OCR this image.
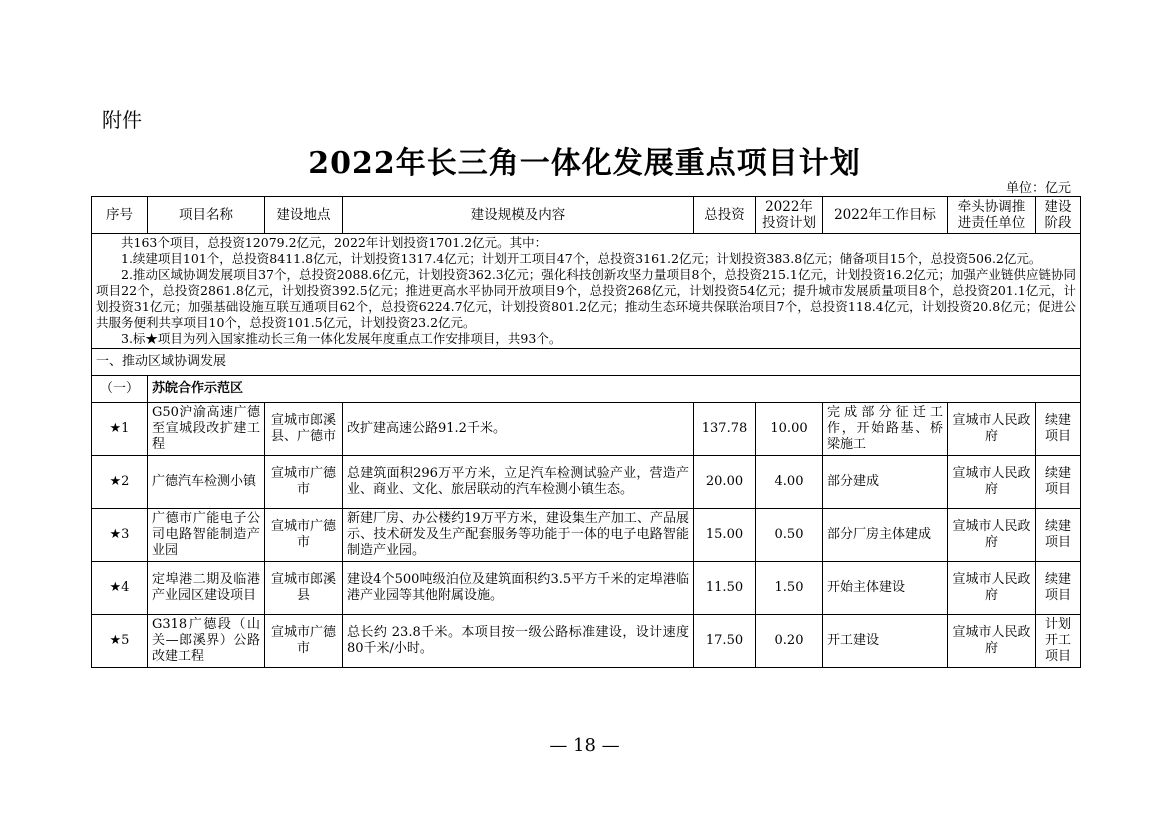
附件
2022年长三角一体化发展重点项目计划
单位：亿元
序号	项目名称	建设地点	建设规模及内容	总投资	2022年投资计划	2022年工作目标	牵头协调推进责任单位	建设阶段

共163个项目，总投资12079.2亿元，2022年计划投资1701.2亿元。其中：

1.续建项目101个，总投资8411.8亿元，计划投资1317.4亿元；计划开工项目47个，总投资3161.2亿元；计划投资383.8亿元；储备项目15个，总投资506.2亿元。

2.推动区域协调发展项目37个，总投资2088.6亿元，计划投资362.3亿元；强化科技创新攻坚力量项目8个，总投资215.1亿元，计划投资16.2亿元；加强产业链供应链协同项目22个，总投资2861.8亿元，计划投资392.5亿元；推进更高水平协同开放项目9个，总投资268亿元，计划投资54亿元；提升城市发展质量项目8个，总投资201.1亿元，计划投资31亿元；加强基础设施互联互通项目62个，总投资6224.7亿元，计划投资801.2亿元；推动生态环境共保联治项目7个，总投资118.4亿元，计划投资20.8亿元；促进公共服务便利共享项目10个，总投资101.5亿元，计划投资23.2亿元。

3.标★项目为列入国家推动长三角一体化发展年度重点工作安排项目，共93个。								

一、推动区域协调发展								
（一）	苏皖合作示范区							
★1	G50沪渝高速广德至宣城段改扩建工程	宣城市郎溪县、广德市	改扩建高速公路91.2千米。	137.78	10.00	完成部分征迁工作，开始路基、桥梁施工	宣城市人民政府	续建项目
★2	广德汽车检测小镇	宣城市广德市	总建筑面积296万平方米，立足汽车检测试验产业，营造产业、商业、文化、旅居联动的汽车检测小镇生态。	20.00	4.00	部分建成	宣城市人民政府	续建项目
★3	广德市广能电子公司电路智能制造产业园	宣城市广德市	新建厂房、办公楼约19万平方米，建设集生产加工、产品展示、技术研发及生产配套服务等功能于一体的电子电路智能制造产业园。	15.00	0.50	部分厂房主体建成	宣城市人民政府	续建项目
★4	定埠港二期及临港产业园区建设项目	宣城市郎溪县	建设4个500吨级泊位及建筑面积约3.5平方千米的定埠港临港产业园等其他附属设施。	11.50	1.50	开始主体建设	宣城市人民政府	续建项目
★5	G318广德段（山关—郎溪界）公路改建工程	宣城市广德市	总长约 23.8千米。本项目按一级公路标准建设，设计速度80千米/小时。	17.50	0.20	开工建设	宣城市人民政府	计划开工项目
— 18 —
